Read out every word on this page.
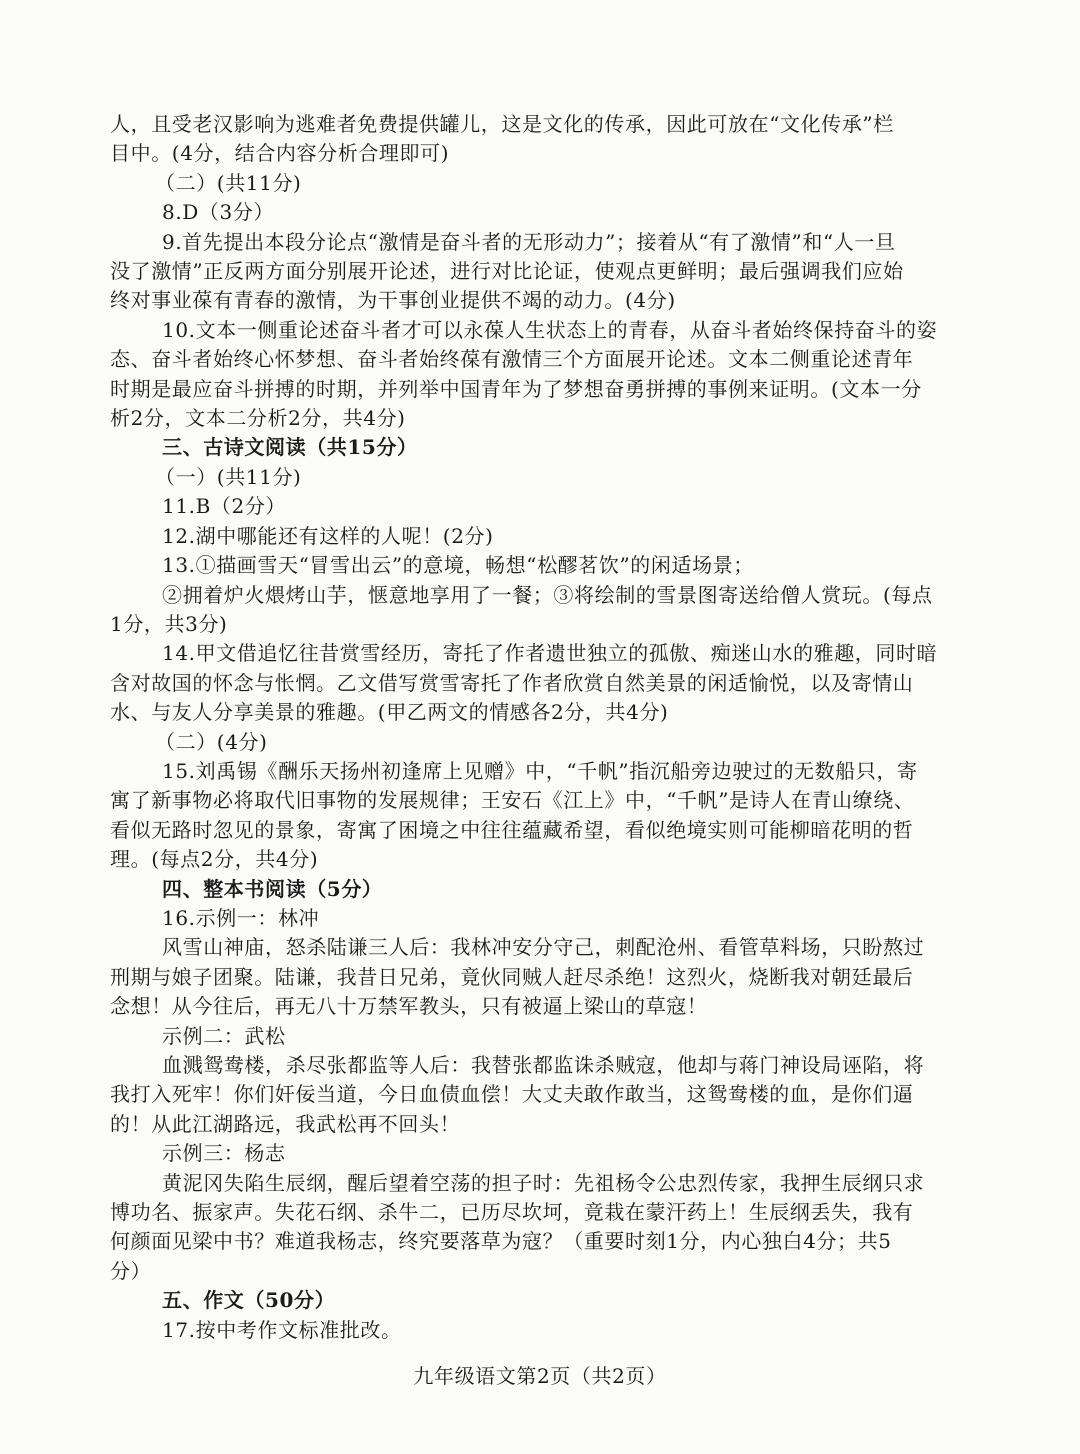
人，且受老汉影响为逃难者免费提供罐儿，这是文化的传承，因此可放在“文化传承”栏
目中。(4分，结合内容分析合理即可)
（二）(共11分)
8.D（3分）
9.首先提出本段分论点“激情是奋斗者的无形动力”；接着从“有了激情”和“人一旦
没了激情”正反两方面分别展开论述，进行对比论证，使观点更鲜明；最后强调我们应始
终对事业葆有青春的激情，为干事创业提供不竭的动力。(4分)
10.文本一侧重论述奋斗者才可以永葆人生状态上的青春，从奋斗者始终保持奋斗的姿
态、奋斗者始终心怀梦想、奋斗者始终葆有激情三个方面展开论述。文本二侧重论述青年
时期是最应奋斗拼搏的时期，并列举中国青年为了梦想奋勇拼搏的事例来证明。(文本一分
析2分，文本二分析2分，共4分)
三、古诗文阅读（共15分）
（一）(共11分)
11.B（2分）
12.湖中哪能还有这样的人呢！(2分)
13.①描画雪天“冒雪出云”的意境，畅想“松醪茗饮”的闲适场景；
②拥着炉火煨烤山芋，惬意地享用了一餐；③将绘制的雪景图寄送给僧人赏玩。(每点
1分，共3分)
14.甲文借追忆往昔赏雪经历，寄托了作者遗世独立的孤傲、痴迷山水的雅趣，同时暗
含对故国的怀念与怅惘。乙文借写赏雪寄托了作者欣赏自然美景的闲适愉悦，以及寄情山
水、与友人分享美景的雅趣。(甲乙两文的情感各2分，共4分)
（二）(4分)
15.刘禹锡《酬乐天扬州初逢席上见赠》中，“千帆”指沉船旁边驶过的无数船只，寄
寓了新事物必将取代旧事物的发展规律；王安石《江上》中，“千帆”是诗人在青山缭绕、
看似无路时忽见的景象，寄寓了困境之中往往蕴藏希望，看似绝境实则可能柳暗花明的哲
理。(每点2分，共4分)
四、整本书阅读（5分）
16.示例一：林冲
风雪山神庙，怒杀陆谦三人后：我林冲安分守己，刺配沧州、看管草料场，只盼熬过
刑期与娘子团聚。陆谦，我昔日兄弟，竟伙同贼人赶尽杀绝！这烈火，烧断我对朝廷最后
念想！从今往后，再无八十万禁军教头，只有被逼上梁山的草寇！
示例二：武松
血溅鸳鸯楼，杀尽张都监等人后：我替张都监诛杀贼寇，他却与蒋门神设局诬陷，将
我打入死牢！你们奸佞当道，今日血债血偿！大丈夫敢作敢当，这鸳鸯楼的血，是你们逼
的！从此江湖路远，我武松再不回头！
示例三：杨志
黄泥冈失陷生辰纲，醒后望着空荡的担子时：先祖杨令公忠烈传家，我押生辰纲只求
博功名、振家声。失花石纲、杀牛二，已历尽坎坷，竟栽在蒙汗药上！生辰纲丢失，我有
何颜面见梁中书？难道我杨志，终究要落草为寇？（重要时刻1分，内心独白4分；共5
分）
五、作文（50分）
17.按中考作文标准批改。
九年级语文第2页（共2页）
